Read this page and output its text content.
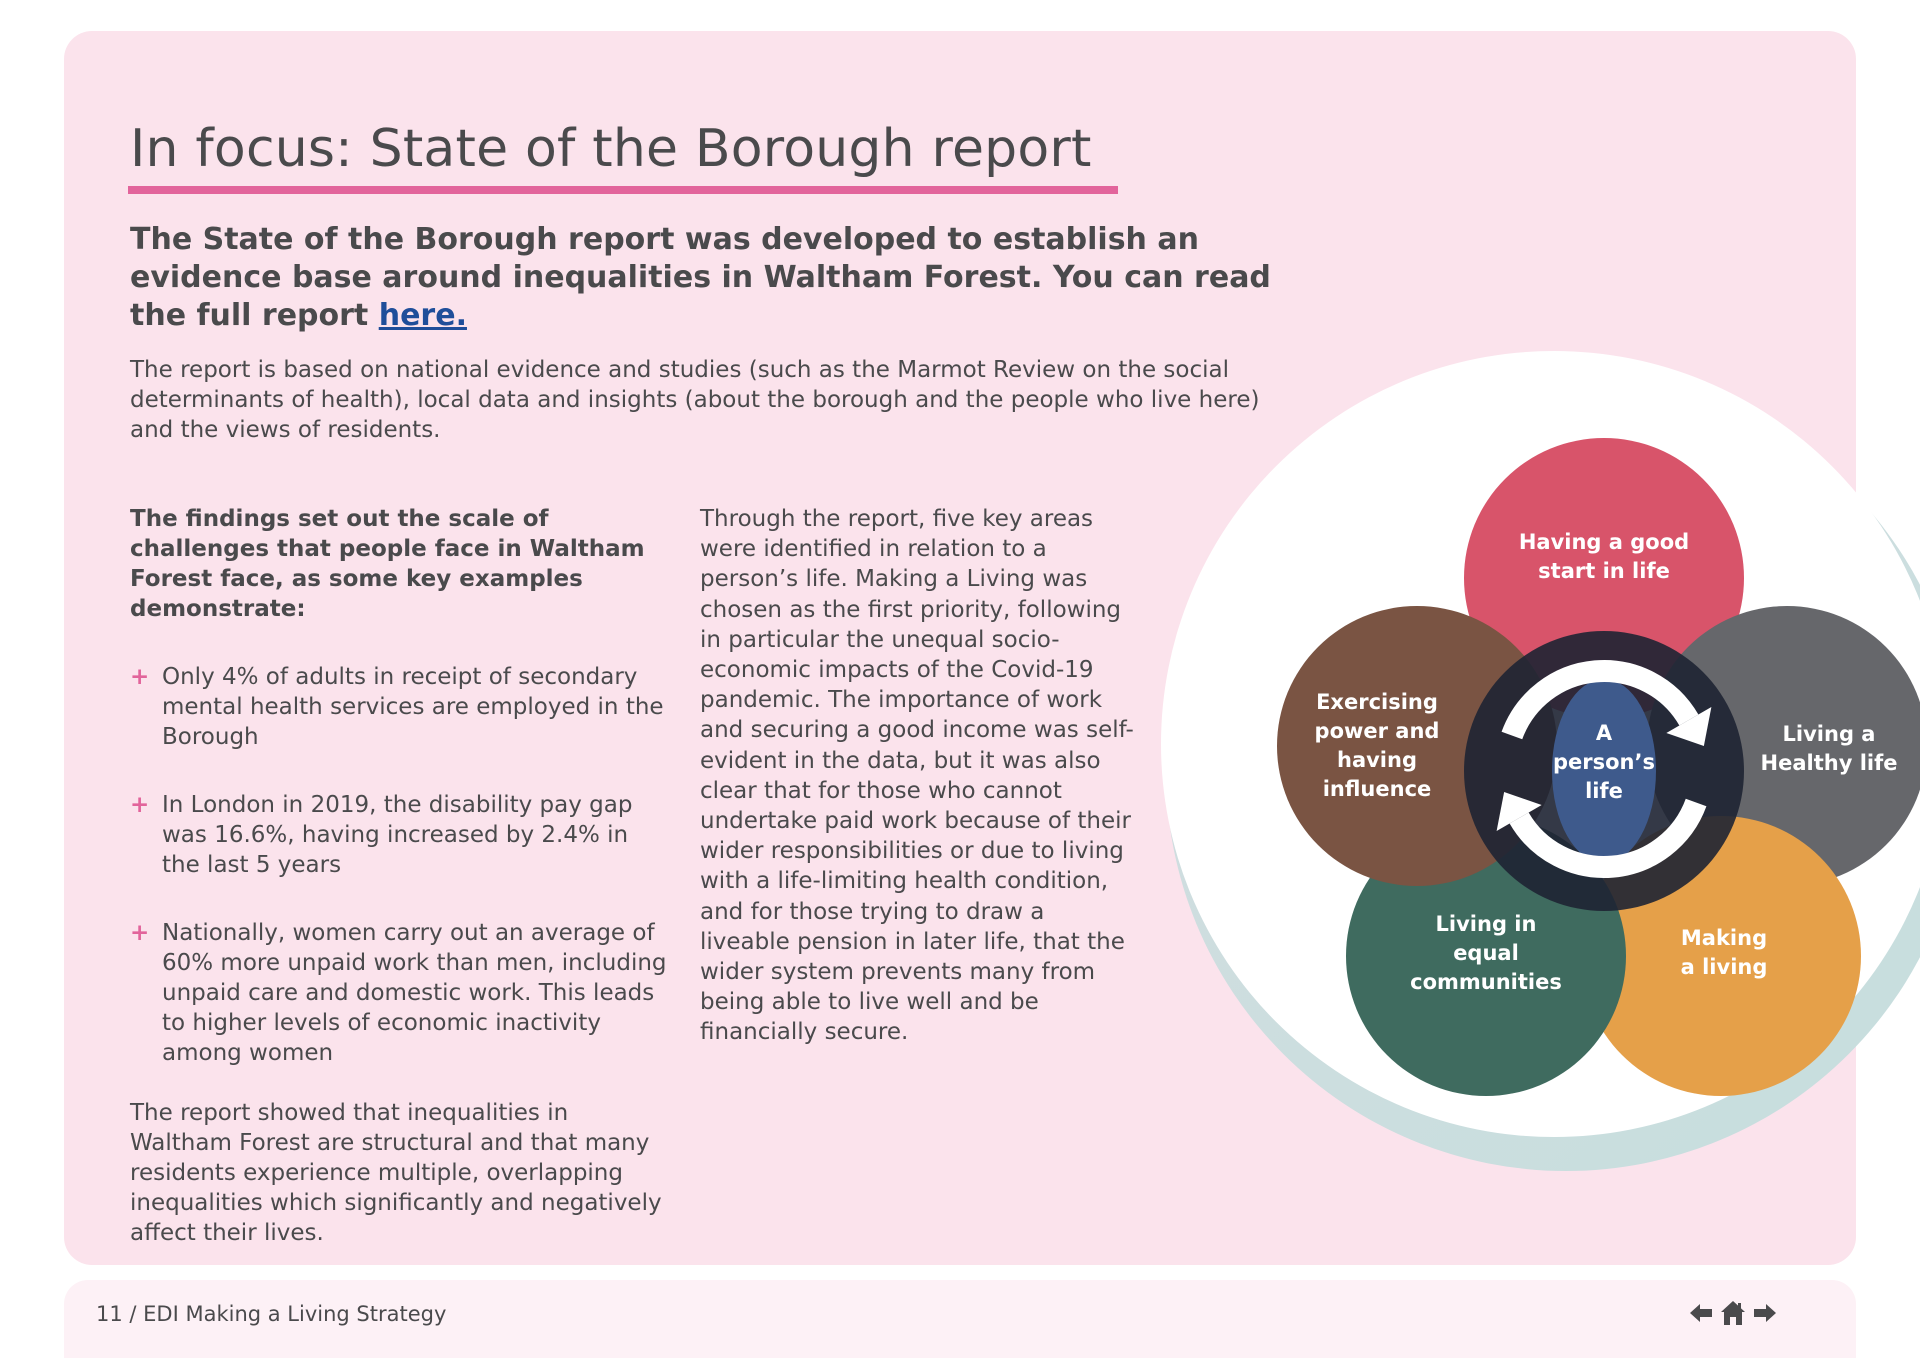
In focus: State of the Borough report

The State of the Borough report was developed to establish an evidence base around inequalities in Waltham Forest. You can read the full report here.

The report is based on national evidence and studies (such as the Marmot Review on the social determinants of health), local data and insights (about the borough and the people who live here) and the views of residents.

The findings set out the scale of challenges that people face in Waltham Forest face, as some key examples demonstrate:

+ Only 4% of adults in receipt of secondary mental health services are employed in the Borough
+ In London in 2019, the disability pay gap was 16.6%, having increased by 2.4% in the last 5 years
+ Nationally, women carry out an average of 60% more unpaid work than men, including unpaid care and domestic work. This leads to higher levels of economic inactivity among women

The report showed that inequalities in Waltham Forest are structural and that many residents experience multiple, overlapping inequalities which significantly and negatively affect their lives.

Through the report, five key areas were identified in relation to a person’s life. Making a Living was chosen as the first priority, following in particular the unequal socio-economic impacts of the Covid-19 pandemic. The importance of work and securing a good income was self-evident in the data, but it was also clear that for those who cannot undertake paid work because of their wider responsibilities or due to living with a life-limiting health condition, and for those trying to draw a liveable pension in later life, that the wider system prevents many from being able to live well and be financially secure.

Having a good start in life
Living a Healthy life
Making a living
Living in equal communities
Exercising power and having influence
A person’s life
11 / EDI Making a Living Strategy
